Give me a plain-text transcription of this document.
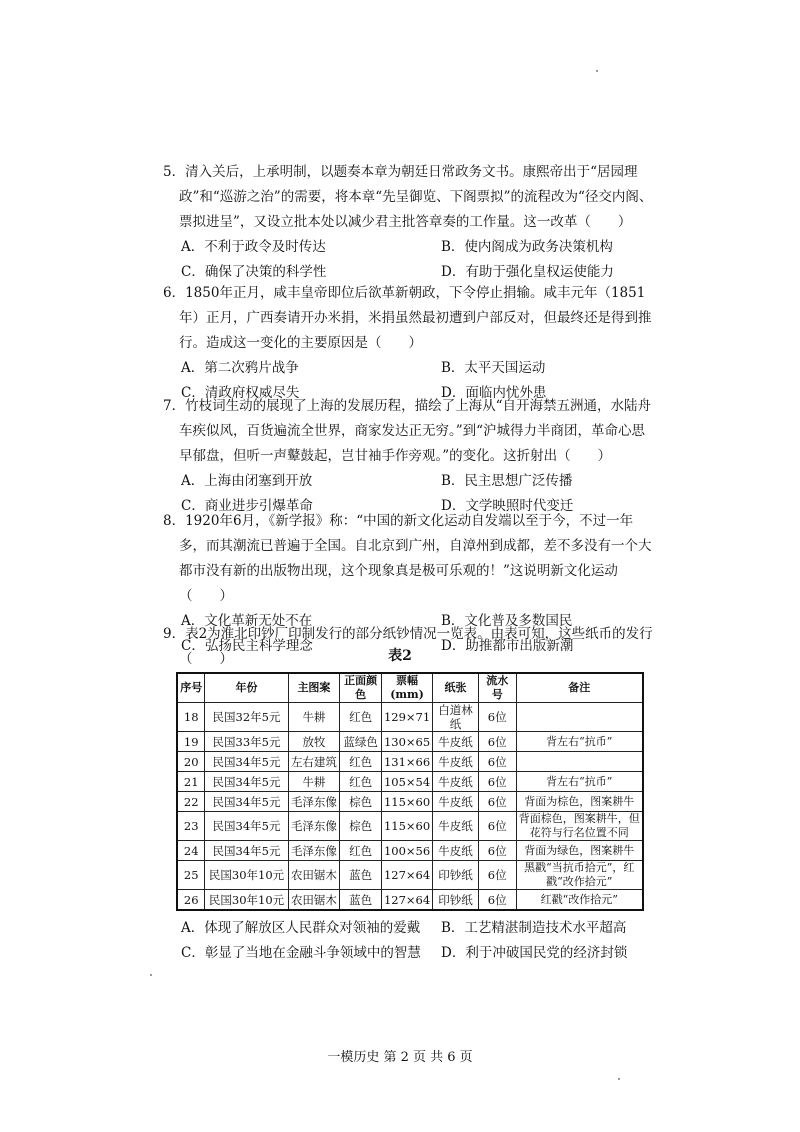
5．清入关后，上承明制，以题奏本章为朝廷日常政务文书。康熙帝出于“居园理政”和“巡游之治”的需要，将本章“先呈御览、下阁票拟”的流程改为“径交内阁、票拟进呈”，又设立批本处以减少君主批答章奏的工作量。这一改革（　　）

A．不利于政令及时传达	B．使内阁成为政务决策机构
C．确保了决策的科学性	D．有助于强化皇权运使能力

6．1850年正月，咸丰皇帝即位后欲革新朝政，下令停止捐输。咸丰元年（1851年）正月，广西奏请开办米捐，米捐虽然最初遭到户部反对，但最终还是得到推行。造成这一变化的主要原因是（　　）

A．第二次鸦片战争	B．太平天国运动
C．清政府权威尽失	D．面临内忧外患

7．竹枝词生动的展现了上海的发展历程，描绘了上海从“自开海禁五洲通，水陆舟车疾似风，百货遍流全世界，商家发达正无穷。”到“沪城得力半商团，革命心思早郁盘，但听一声鼙鼓起，岂甘袖手作旁观。”的变化。这折射出（　　）

A．上海由闭塞到开放	B．民主思想广泛传播
C．商业进步引爆革命	D．文学映照时代变迁

8．1920年6月，《新学报》称：“中国的新文化运动自发端以至于今，不过一年多，而其潮流已普遍于全国。自北京到广州，自漳州到成都，差不多没有一个大都市没有新的出版物出现，这个现象真是极可乐观的！”这说明新文化运动（　　）

A．文化革新无处不在	B．文化普及多数国民
C．弘扬民主科学理念	D．助推都市出版新潮

9．表2为淮北印钞厂印制发行的部分纸钞情况一览表。由表可知，这些纸币的发行（　　）	表2
序号	年份	主图案	正面颜色	票幅(mm)	纸张	流水号	备注
18	民国32年5元	牛耕	红色	129×71	白道林纸	6位	
19	民国33年5元	放牧	蓝绿色	130×65	牛皮纸	6位	背左右“抗币”
20	民国34年5元	左右建筑	红色	131×66	牛皮纸	6位	
21	民国34年5元	牛耕	红色	105×54	牛皮纸	6位	背左右“抗币”
22	民国34年5元	毛泽东像	棕色	115×60	牛皮纸	6位	背面为棕色，图案耕牛
23	民国34年5元	毛泽东像	棕色	115×60	牛皮纸	6位	背面棕色，图案耕牛，但花符与行名位置不同
24	民国34年5元	毛泽东像	红色	100×56	牛皮纸	6位	背面为绿色，图案耕牛
25	民国30年10元	农田锯木	蓝色	127×64	印钞纸	6位	黑戳“当抗币拾元”，红戳“改作拾元”
26	民国30年10元	农田锯木	蓝色	127×64	印钞纸	6位	红戳“改作拾元”
A．体现了解放区人民群众对领袖的爱戴	B．工艺精湛制造技术水平超高
C．彰显了当地在金融斗争领域中的智慧	D．利于冲破国民党的经济封锁
一模历史 第 2 页 共 6 页
